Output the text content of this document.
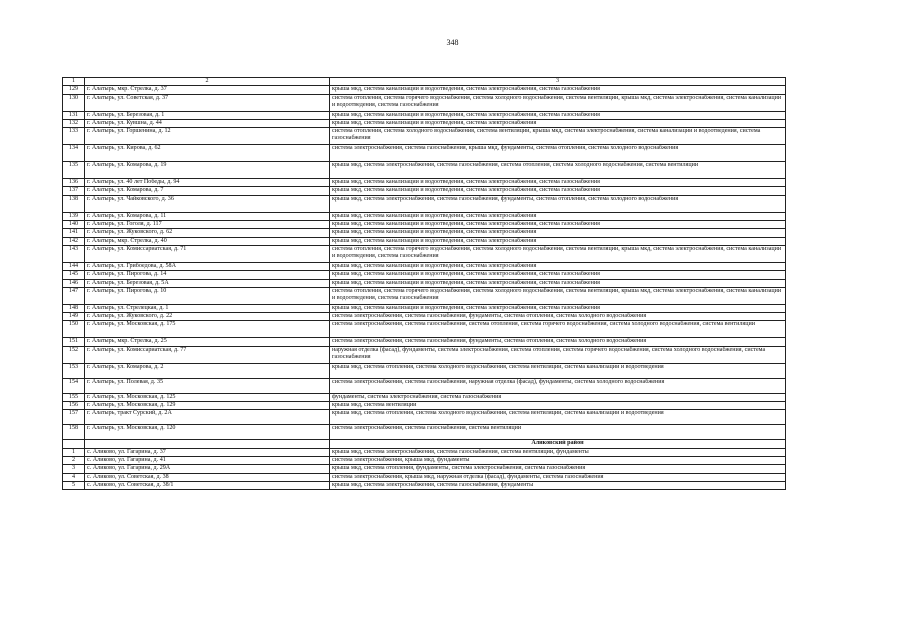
348
1	2	3
129	г. Алатырь, мкр. Стрелка, д. 37	крыша мкд, система канализации и водоотведения, система электроснабжения, система газоснабжения
130	г. Алатырь, ул. Советская, д. 37	система отопления, система горячего водоснабжения, система холодного водоснабжения, система вентиляции, крыша мкд, система электроснабжения, система канализации и водоотведения, система газоснабжения
131	г. Алатырь, ул. Березовая, д. 1	крыша мкд, система канализации и водоотведения, система электроснабжения, система газоснабжения
132	г. Алатырь, ул. Кувшна, д. 44	крыша мкд, система канализации и водоотведения, система электроснабжения
133	г. Алатырь, ул. Горшенина, д. 12	система отопления, система холодного водоснабжения, система вентиляции, крыша мкд, система электроснабжения, система канализации и водоотведения, система газоснабжения
134	г. Алатырь, ул. Кирова, д. 62	система электроснабжения, система газоснабжения, крыша мкд, фундаменты, система отопления, система холодного водоснабжения
135	г. Алатырь, ул. Комарова, д. 19	крыша мкд, система электроснабжения, система газоснабжения, система отопления, система холодного водоснабжения, система вентиляции
136	г. Алатырь, ул. 40 лет Победы, д. 94	крыша мкд, система канализации и водоотведения, система электроснабжения, система газоснабжения
137	г. Алатырь, ул. Комарова, д. 7	крыша мкд, система канализации и водоотведения, система электроснабжения, система газоснабжения
138	г. Алатырь, ул. Чайковского, д. 36	крыша мкд, система электроснабжения, система газоснабжения, фундаменты, система отопления, система холодного водоснабжения
139	г. Алатырь, ул. Комарова, д. 11	крыша мкд, система канализации и водоотведения, система электроснабжения
140	г. Алатырь, ул. Гоголя, д. 117	крыша мкд, система канализации и водоотведения, система электроснабжения, система газоснабжения
141	г. Алатырь, ул. Жуковского, д. 62	крыша мкд, система канализации и водоотведения, система электроснабжения
142	г. Алатырь, мкр. Стрелка, д. 40	крыша мкд, система канализации и водоотведения, система электроснабжения
143	г. Алатырь, ул. Комиссариатская, д. 71	система отопления, система горячего водоснабжения, система холодного водоснабжения, система вентиляции, крыша мкд, система электроснабжения, система канализации и водоотведения, система газоснабжения
144	г. Алатырь, ул. Грибоедова, д. 58А	крыша мкд, система канализации и водоотведения, система электроснабжения
145	г. Алатырь, ул. Пирогова, д. 14	крыша мкд, система канализации и водоотведения, система электроснабжения, система газоснабжения
146	г. Алатырь, ул. Березовая, д. 5А	крыша мкд, система канализации и водоотведения, система электроснабжения, система газоснабжения
147	г. Алатырь, ул. Пирогова, д. 10	система отопления, система горячего водоснабжения, система холодного водоснабжения, система вентиляции, крыша мкд, система электроснабжения, система канализации и водоотведения, система газоснабжения
148	г. Алатырь, ул. Стрелецкая, д. 1	крыша мкд, система канализации и водоотведения, система электроснабжения, система газоснабжения
149	г. Алатырь, ул. Жуковского, д. 22	система электроснабжения, система газоснабжения, фундаменты, система отопления, система холодного водоснабжения
150	г. Алатырь, ул. Московская, д. 175	система электроснабжения, система газоснабжения, система отопления, система горячего водоснабжения, система холодного водоснабжения, система вентиляции
151	г. Алатырь, мкр. Стрелка, д. 25	система электроснабжения, система газоснабжения, фундаменты, система отопления, система холодного водоснабжения
152	г. Алатырь, ул. Комиссариатская, д. 77	наружная отделка (фасад), фундаменты, система электроснабжения, система отопления, система горячего водоснабжения, система холодного водоснабжения, система газоснабжения
153	г. Алатырь, ул. Комарова, д. 2	крыша мкд, система отопления, система холодного водоснабжения, система вентиляции, система канализации и водоотведения
154	г. Алатырь, ул. Полевая, д. 35	система электроснабжения, система газоснабжения, наружная отделка (фасад), фундаменты, система холодного водоснабжения
155	г. Алатырь, ул. Московская, д. 125	фундаменты, система электроснабжения, система газоснабжения
156	г. Алатырь, ул. Московская, д. 129	крыша мкд, система вентиляции
157	г. Алатырь, тракт Сурский, д. 2А	крыша мкд, система отопления, система холодного водоснабжения, система вентиляции, система канализации и водоотведения
158	г. Алатырь, ул. Московская, д. 120	система электроснабжения, система газоснабжения, система вентиляции
		Аликовский район
1	с. Аликово, ул. Гагарина, д. 37	крыша мкд, система электроснабжения, система газоснабжения, система вентиляции, фундаменты
2	с. Аликово, ул. Гагарина, д. 41	система электроснабжения, крыша мкд, фундаменты
3	с. Аликово, ул. Гагарина, д. 29А	крыша мкд, система отопления, фундаменты, система электроснабжения, система газоснабжения
4	с. Аликово, ул. Советская, д. 38	система электроснабжения, крыша мкд, наружная отделка (фасад), фундаменты, система газоснабжения
5	с. Аликово, ул. Советская, д. 38/1	крыша мкд, система электроснабжения, система газоснабжения, фундаменты
